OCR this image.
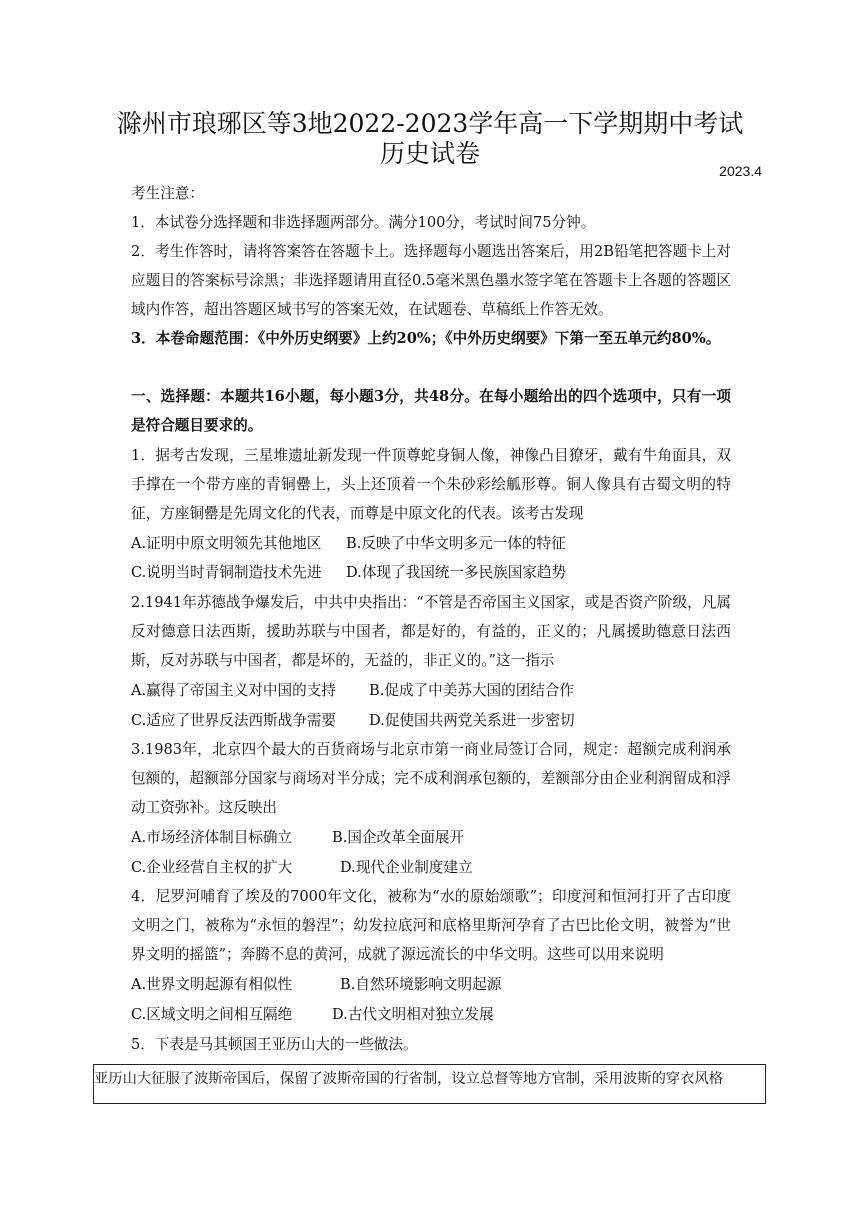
滁州市琅琊区等3地2022-2023学年高一下学期期中考试
历史试卷
2023.4
考生注意：
1．本试卷分选择题和非选择题两部分。满分100分，考试时间75分钟。
2．考生作答时，请将答案答在答题卡上。选择题每小题选出答案后，用2B铅笔把答题卡上对应题目的答案标号涂黑；非选择题请用直径0.5毫米黑色墨水签字笔在答题卡上各题的答题区域内作答，超出答题区域书写的答案无效，在试题卷、草稿纸上作答无效。
3．本卷命题范围：《中外历史纲要》上约20%；《中外历史纲要》下第一至五单元约80%。
一、选择题：本题共16小题，每小题3分，共48分。在每小题给出的四个选项中，只有一项是符合题目要求的。
1．据考古发现，三星堆遗址新发现一件顶尊蛇身铜人像，神像凸目獠牙，戴有牛角面具，双手撑在一个带方座的青铜罍上，头上还顶着一个朱砂彩绘觚形尊。铜人像具有古蜀文明的特征，方座铜罍是先周文化的代表，而尊是中原文化的代表。该考古发现
A.证明中原文明领先其他地区 B.反映了中华文明多元一体的特征
C.说明当时青铜制造技术先进 D.体现了我国统一多民族国家趋势
2.1941年苏德战争爆发后，中共中央指出：“不管是否帝国主义国家，或是否资产阶级，凡属反对德意日法西斯，援助苏联与中国者，都是好的，有益的，正义的；凡属援助德意日法西斯，反对苏联与中国者，都是坏的，无益的，非正义的。”这一指示
A.赢得了帝国主义对中国的支持 B.促成了中美苏大国的团结合作
C.适应了世界反法西斯战争需要 D.促使国共两党关系进一步密切
3.1983年，北京四个最大的百货商场与北京市第一商业局签订合同，规定：超额完成利润承包额的，超额部分国家与商场对半分成；完不成利润承包额的，差额部分由企业利润留成和浮动工资弥补。这反映出
A.市场经济体制目标确立	B.国企改革全面展开
C.企业经营自主权的扩大	D.现代企业制度建立
4．尼罗河哺育了埃及的7000年文化，被称为“水的原始颂歌”；印度河和恒河打开了古印度文明之门，被称为“永恒的磐涅”；幼发拉底河和底格里斯河孕育了古巴比伦文明，被誉为“世界文明的摇篮”；奔腾不息的黄河，成就了源远流长的中华文明。这些可以用来说明
A.世界文明起源有相似性	B.自然环境影响文明起源
C.区域文明之间相互隔绝	D.古代文明相对独立发展
5．下表是马其顿国王亚历山大的一些做法。
亚历山大征服了波斯帝国后，保留了波斯帝国的行省制，设立总督等地方官制，采用波斯的穿衣风格
